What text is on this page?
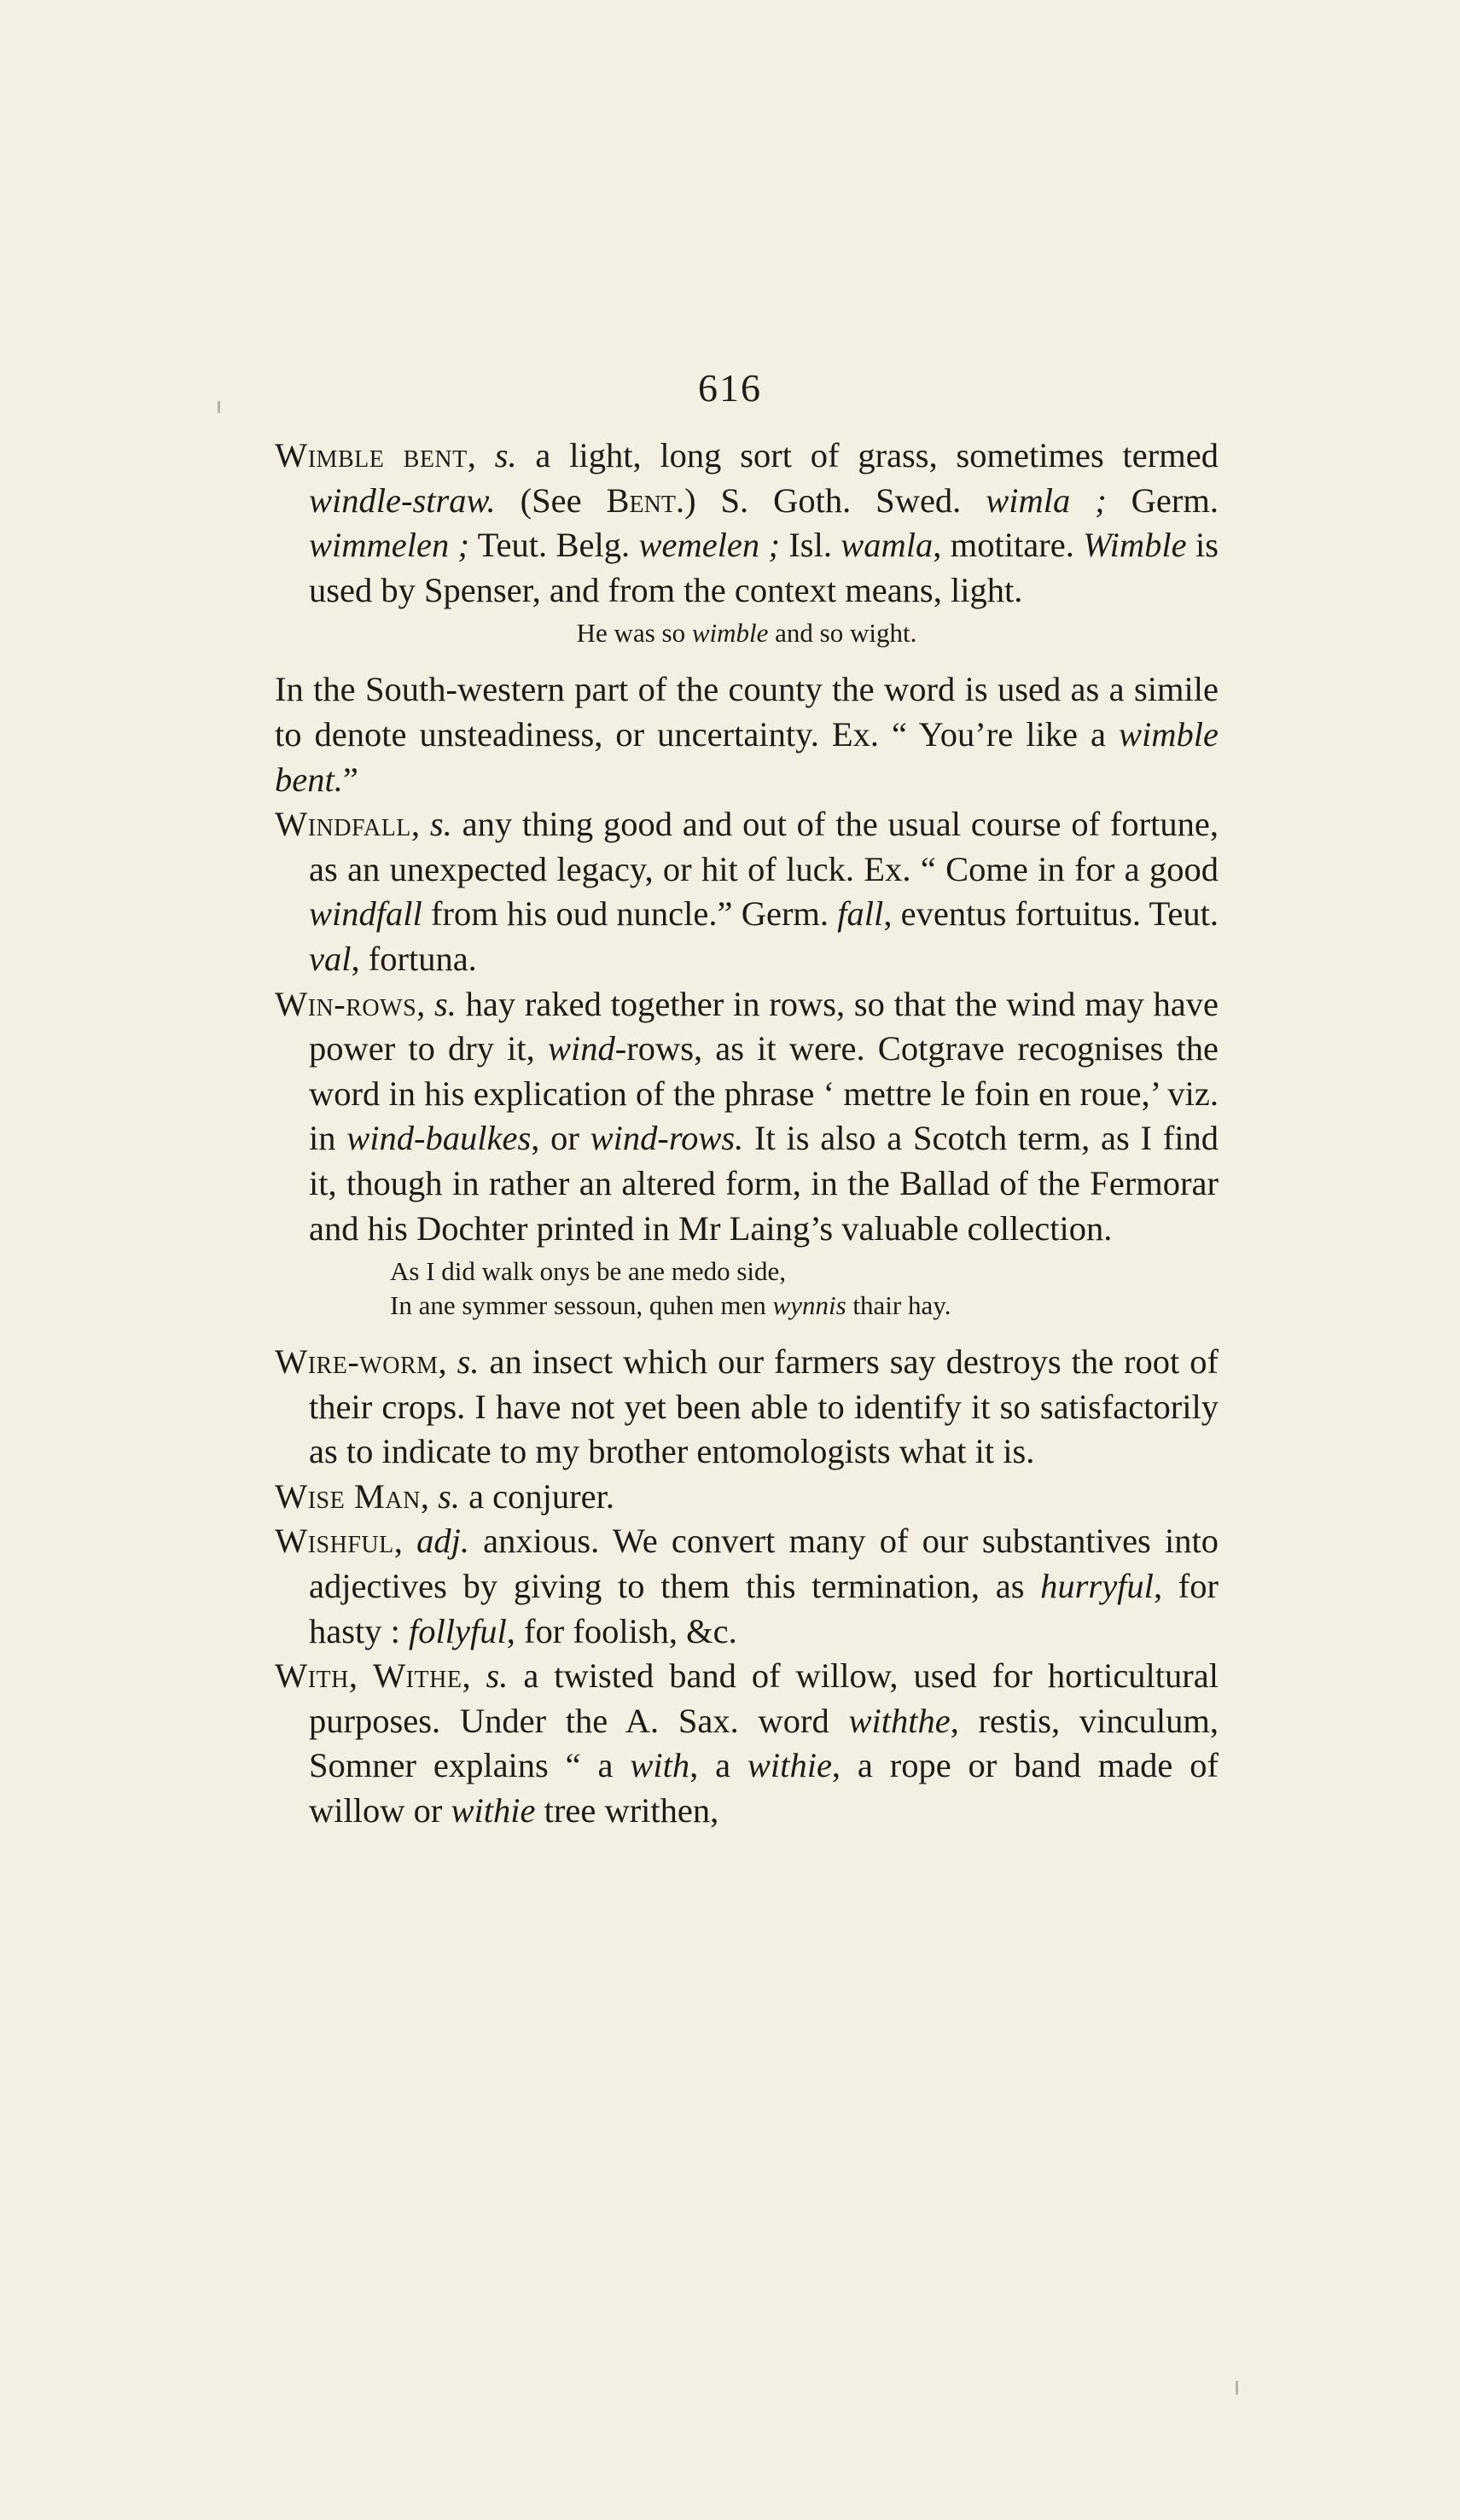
616

Wimble bent, s. a light, long sort of grass, sometimes termed windle-straw. (See Bent.) S. Goth. Swed. wimla ; Germ. wimmelen ; Teut. Belg. wemelen ; Isl. wamla, motitare. Wimble is used by Spenser, and from the context means, light.

He was so wimble and so wight.

In the South-western part of the county the word is used as a simile to denote unsteadiness, or uncertainty. Ex. “ You’re like a wimble bent.”

Windfall, s. any thing good and out of the usual course of fortune, as an unexpected legacy, or hit of luck. Ex. “ Come in for a good windfall from his oud nuncle.” Germ. fall, eventus fortuitus. Teut. val, fortuna.

Win-rows, s. hay raked together in rows, so that the wind may have power to dry it, wind-rows, as it were. Cotgrave recognises the word in his explication of the phrase ‘ mettre le foin en roue,’ viz. in wind-baulkes, or wind-rows. It is also a Scotch term, as I find it, though in rather an altered form, in the Ballad of the Fermorar and his Dochter printed in Mr Laing’s valuable collection.

As I did walk onys be ane medo side,
In ane symmer sessoun, quhen men wynnis thair hay.

Wire-worm, s. an insect which our farmers say destroys the root of their crops. I have not yet been able to identify it so satisfactorily as to indicate to my brother entomologists what it is.

Wise Man, s. a conjurer.

Wishful, adj. anxious. We convert many of our substantives into adjectives by giving to them this termination, as hurryful, for hasty : follyful, for foolish, &c.

With, Withe, s. a twisted band of willow, used for horticultural purposes. Under the A. Sax. word withthe, restis, vinculum, Somner explains “ a with, a withie, a rope or band made of willow or withie tree writhen,
